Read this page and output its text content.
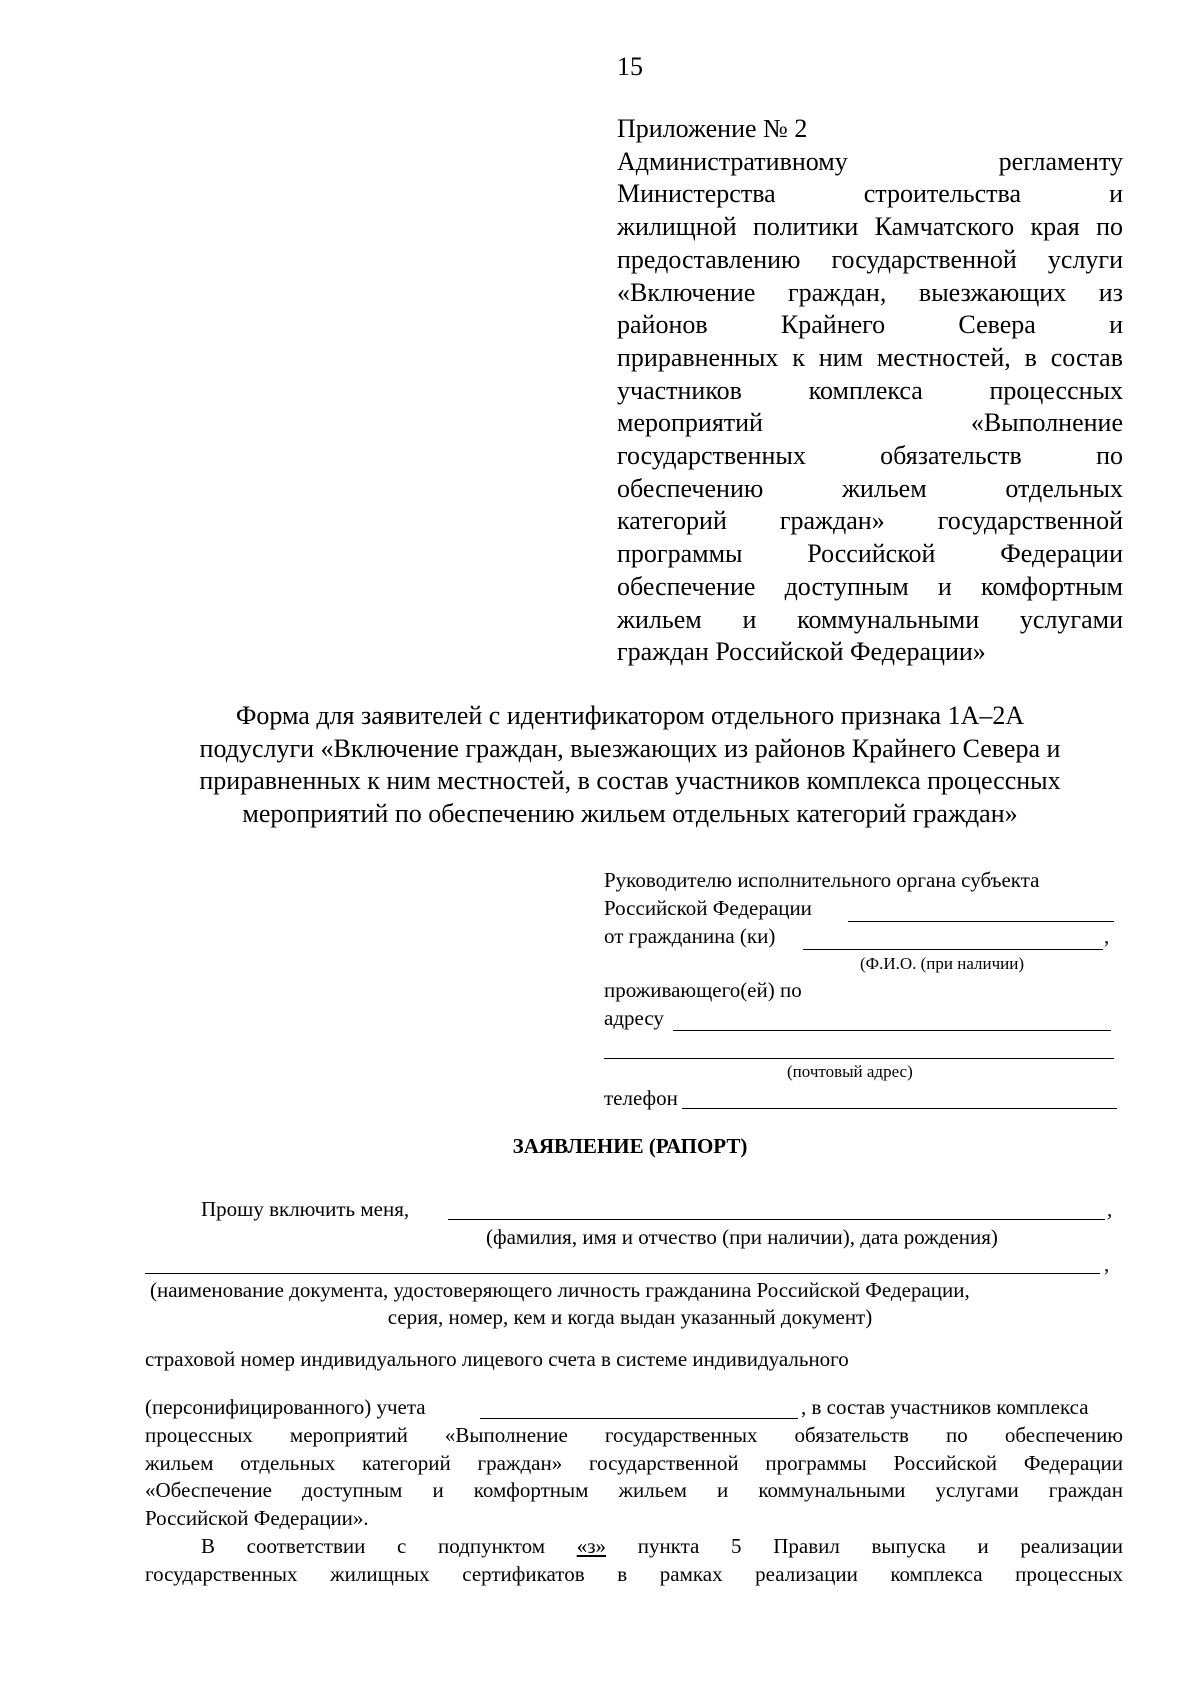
15
Приложение № 2
Административному регламенту
Министерства строительства и
жилищной политики Камчатского края по
предоставлению государственной услуги
«Включение граждан, выезжающих из
районов Крайнего Севера и
приравненных к ним местностей, в состав
участников комплекса процессных
мероприятий «Выполнение
государственных обязательств по
обеспечению жильем отдельных
категорий граждан» государственной
программы Российской Федерации
обеспечение доступным и комфортным
жильем и коммунальными услугами
граждан Российской Федерации»
Форма для заявителей с идентификатором отдельного признака 1А–2А
подуслуги «Включение граждан, выезжающих из районов Крайнего Севера и
приравненных к ним местностей, в состав участников комплекса процессных
мероприятий по обеспечению жильем отдельных категорий граждан»
Руководителю исполнительного органа субъекта
Российской Федерации
от гражданина (ки)	,
(Ф.И.О. (при наличии)
проживающего(ей) по
адресу
(почтовый адрес)
телефон
ЗАЯВЛЕНИЕ (РАПОРТ)
Прошу включить меня,	,
(фамилия, имя и отчество (при наличии), дата рождения)
,
(наименование документа, удостоверяющего личность гражданина Российской Федерации,
серия, номер, кем и когда выдан указанный документ)
страховой номер индивидуального лицевого счета в системе индивидуального
(персонифицированного) учета	, в состав участников комплекса
процессных мероприятий «Выполнение государственных обязательств по обеспечению
жильем отдельных категорий граждан» государственной программы Российской Федерации
«Обеспечение доступным и комфортным жильем и коммунальными услугами граждан
Российской Федерации».
В соответствии с подпунктом «з» пункта 5 Правил выпуска и реализации
государственных жилищных сертификатов в рамках реализации комплекса процессных
